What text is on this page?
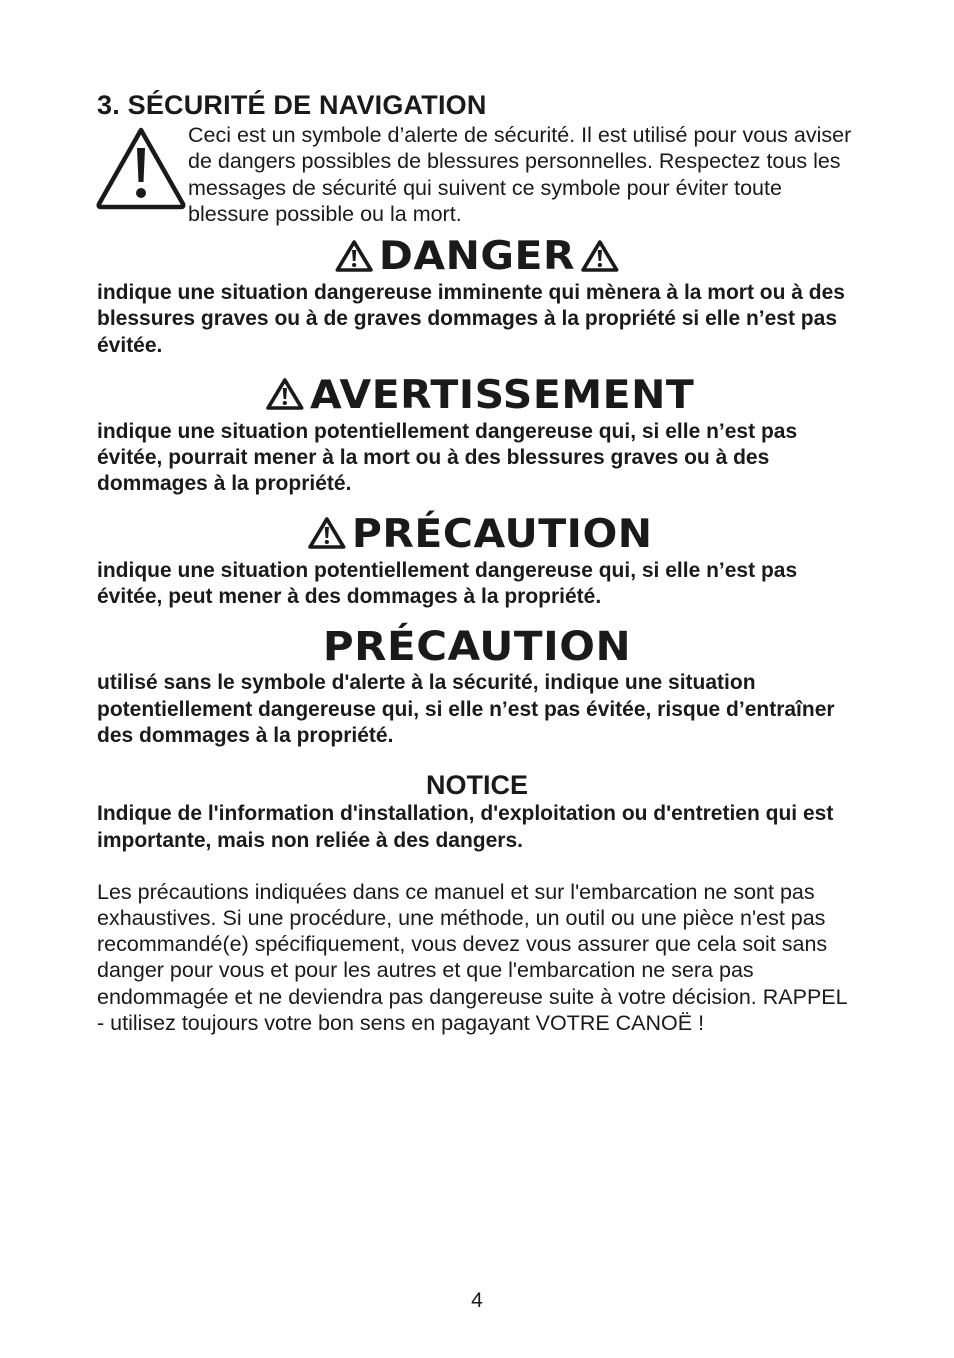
3. SÉCURITÉ DE NAVIGATION

Ceci est un symbole d’alerte de sécurité. Il est utilisé pour vous aviser de dangers possibles de blessures personnelles. Respectez tous les messages de sécurité qui suivent ce symbole pour éviter toute blessure possible ou la mort.

DANGER

indique une situation dangereuse imminente qui mènera à la mort ou à des blessures graves ou à de graves dommages à la propriété si elle n’est pas évitée.

AVERTISSEMENT

indique une situation potentiellement dangereuse qui, si elle n’est pas évitée, pourrait mener à la mort ou à des blessures graves ou à des dommages à la propriété.

PRÉCAUTION

indique une situation potentiellement dangereuse qui, si elle n’est pas évitée, peut mener à des dommages à la propriété.

PRÉCAUTION

utilisé sans le symbole d'alerte à la sécurité, indique une situation potentiellement dangereuse qui, si elle n’est pas évitée, risque d’entraîner des dommages à la propriété.

NOTICE

Indique de l'information d'installation, d'exploitation ou d'entretien qui est importante, mais non reliée à des dangers.

Les précautions indiquées dans ce manuel et sur l'embarcation ne sont pas exhaustives. Si une procédure, une méthode, un outil ou une pièce n'est pas recommandé(e) spécifiquement, vous devez vous assurer que cela soit sans danger pour vous et pour les autres et que l'embarcation ne sera pas endommagée et ne deviendra pas dangereuse suite à votre décision. RAPPEL - utilisez toujours votre bon sens en pagayant VOTRE CANOË !

4
